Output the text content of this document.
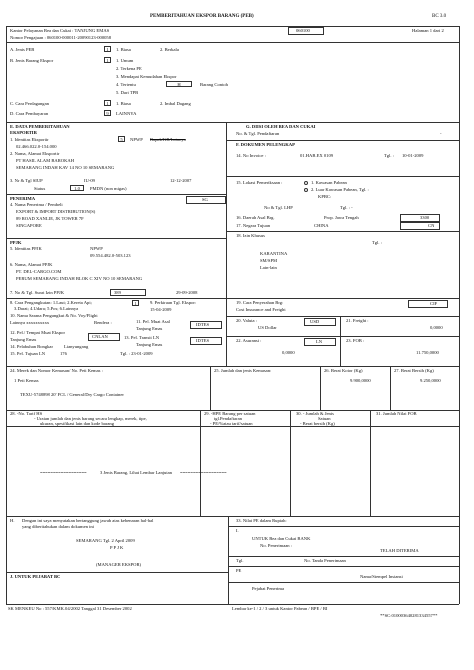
PEMBERITAHUAN EKSPOR BARANG (PEB)	BC 3.0
Kantor Pelayanan Bea dan Cukai : TANJUNG EMAS	060100	Halaman 1 dari 2
Nomor Pengajuan : 060100-000011-20090123-000058
A. Jenis PEB	1	1. Biasa	2. Berkala
B. Jenis Barang Ekspor	1	1. Umum
2. Terkena PE
3. Mendapat Kemudahan Ekspor
4. Tertentu	H	Barang Contoh
5. Dari TPB
C. Cara Perdagangan	1	1. Biasa	2. Imbal Dagang
D. Cara Pembayaran	9	LAINNYA
E. DATA PEMBERITAHUAN
EKSPORTIR
1. Identitas Eksportir	5	NPWP Bapak/KB/Lainnya
02.466.022.0-154.000
2. Nama, Alamat Eksportir
PT HASIL ALAM BAROKAH
SEMARANG INDAH KAV 14 NO 10 SEMARANG
3. Nr & Tgl SIUP	IU-09	12-12-2007
Status	1.0	PMDN (non migas)
PENERIMA
4. Nama Penerima / Pembeli
SG
EXPORT & IMPORT DISTRIBUTION(S)
89 ROAD XANLIE, JK TOWER 7F
SINGAPORE
PPJK
5. Identitas PPJK	NPWP
09.554.482.0-503.123
6. Nama, Alamat PPJK
PT. DEL-CARGO.COM
PERUM SEMARANG INDAH BLOK C XIV NO 10 SEMARANG
7. No & Tgl. Surat Izin PPJK	389	29-09-2008
G. DIISI OLEH BEA DAN CUKAI
No. & Tgl. Pendaftaran	-
F. DOKUMEN PELENGKAP
14. No Invoice :	01.HAB.EX 0109	Tgl. : 10-01-2009
15. Lokasi Pemeriksaan :	1. Kawasan Pabean
2. Luar Kawasan Pabean, Tgl. :
KPBC:
No & Tgl. LHP	Tgl. : -
16. Daerah Asal Brg.	Prop. Jawa Tengah	3300
17. Negara Tujuan	CHINA	CN
18. Izin Khusus
Tgl. :
KARANTINA
SM/SPM
Lain-lain
8. Cara Pengangkutan: 1.Laut; 2.Kereta Api;
3.Darat; 4.Udara; 5.Pos; 6.Lainnya
1	9. Perkiraan Tgl. Ekspor:
15-04-2009
10. Nama Sarana Pengangkut & No. Voy/Flight
Lainnya xxxxxxxxxx	Bendera :	11. Pel. Muat Asal
Tanjung Emas
IDTES
12. Pel./ Tempat Muat Ekspor
Tanjung Emas
CNLAN	13. Pel. Transit LN
Tanjung Emas
IDTES
14. Pelabuhan Bongkar Lianyungang
15. Pel. Tujuan LN	176	Tgl. : 23-01-2009
19. Cara Penyerahan Brg:
Cost Insurance and Freight
CIF
20. Valuta :
US Dollar
USD	21. Freight :
0,0000
22. Asuransi :	LN	23. FOB :
0,0000	11.750,0000
24. Merek dan Nomor Kemasan/ No. Peti Kemas :	25. Jumlah dan jenis Kemasan:	26. Berat Kotor (Kg)	27. Berat Bersih (Kg)
1 Peti Kemas	9.900,0000	9.250,0000
TEXU-5748898 20' FCL / General/Dry Cargo Container
28. -No. Tarif HS
- Uraian jumlah dan jenis barang secara lengkap, merek, tipe,
ukuran, spesifikasi lain dan kode barang
29. -HPE Barang per satuan
tgl.Pendaftaran
- PE/%atau tarif/satuan
30. - Jumlah & Jenis
Satuan
- Berat bersih (Kg)
31. Jumlah Nilai FOB
==================	3 Jenis Barang, Lihat Lembar Lanjutan ==================
H. Dengan ini saya menyatakan bertanggung jawab atas kebenaran hal-hal
yang diberitahukan dalam dokumen ini
SEMARANG Tgl. 2 April 2009
P P J K
(MANAGER EKSPOR)
J. UNTUK PEJABAT BC
33. Nilai PE dalam Rupiah:
I.
UNTUK Bea dan Cukai BANK
No. Penerimaan :
TELAH DITERIMA
Tgl.	No. Tanda Penerimaan
PE
Nama/Stempel Instansi
Pejabat Penerima
SK MENKEU No : 557/KMK.04/2002 Tanggal 31 Desember 2002	Lembar ke-1 / 2 / 3 untuk Kantor Pabean / BPE / BI
**SC:010003640281334557**
